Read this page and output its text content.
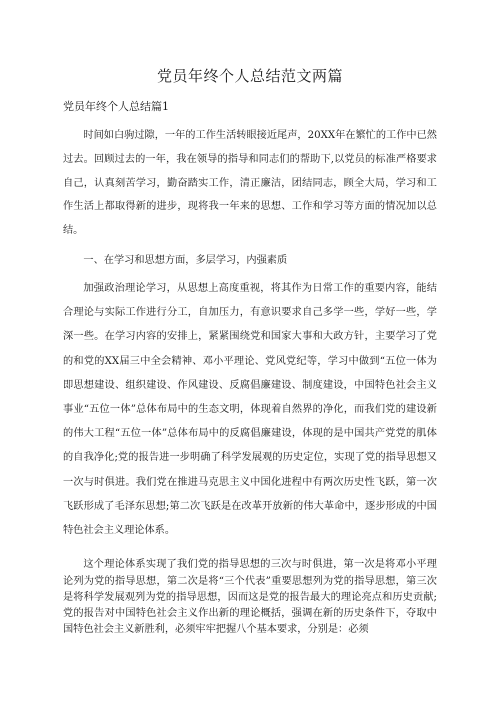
党员年终个人总结范文两篇
党员年终个人总结篇1

时间如白驹过隙，一年的工作生活转眼接近尾声，20XX年在繁忙的工作中已然过去。回顾过去的一年，我在领导的指导和同志们的帮助下,以党员的标准严格要求自己，认真刻苦学习，勤奋踏实工作，清正廉洁，团结同志，顾全大局，学习和工作生活上都取得新的进步，现将我一年来的思想、工作和学习等方面的情况加以总结。

一、在学习和思想方面，多层学习，内强素质

加强政治理论学习，从思想上高度重视，将其作为日常工作的重要内容，能结合理论与实际工作进行分工，自加压力，有意识要求自己多学一些，学好一些，学深一些。在学习内容的安排上，紧紧围绕党和国家大事和大政方针，主要学习了党的和党的XX届三中全会精神、邓小平理论、党风党纪等，学习中做到“五位一体为即思想建设、组织建设、作风建设、反腐倡廉建设、制度建设，中国特色社会主义事业“五位一体”总体布局中的生态文明，体现着自然界的净化，而我们党的建设新的伟大工程“五位一体”总体布局中的反腐倡廉建设，体现的是中国共产党党的肌体的自我净化;党的报告进一步明确了科学发展观的历史定位，实现了党的指导思想又一次与时俱进。我们党在推进马克思主义中国化进程中有两次历史性飞跃，第一次飞跃形成了毛泽东思想;第二次飞跃是在改革开放新的伟大革命中，逐步形成的中国特色社会主义理论体系。

这个理论体系实现了我们党的指导思想的三次与时俱进，第一次是将邓小平理论列为党的指导思想，第二次是将“三个代表”重要思想列为党的指导思想，第三次是将科学发展观列为党的指导思想，因而这是党的报告最大的理论亮点和历史贡献;党的报告对中国特色社会主义作出新的理论概括，强调在新的历史条件下，夺取中国特色社会主义新胜利，必须牢牢把握八个基本要求，分别是：必须
